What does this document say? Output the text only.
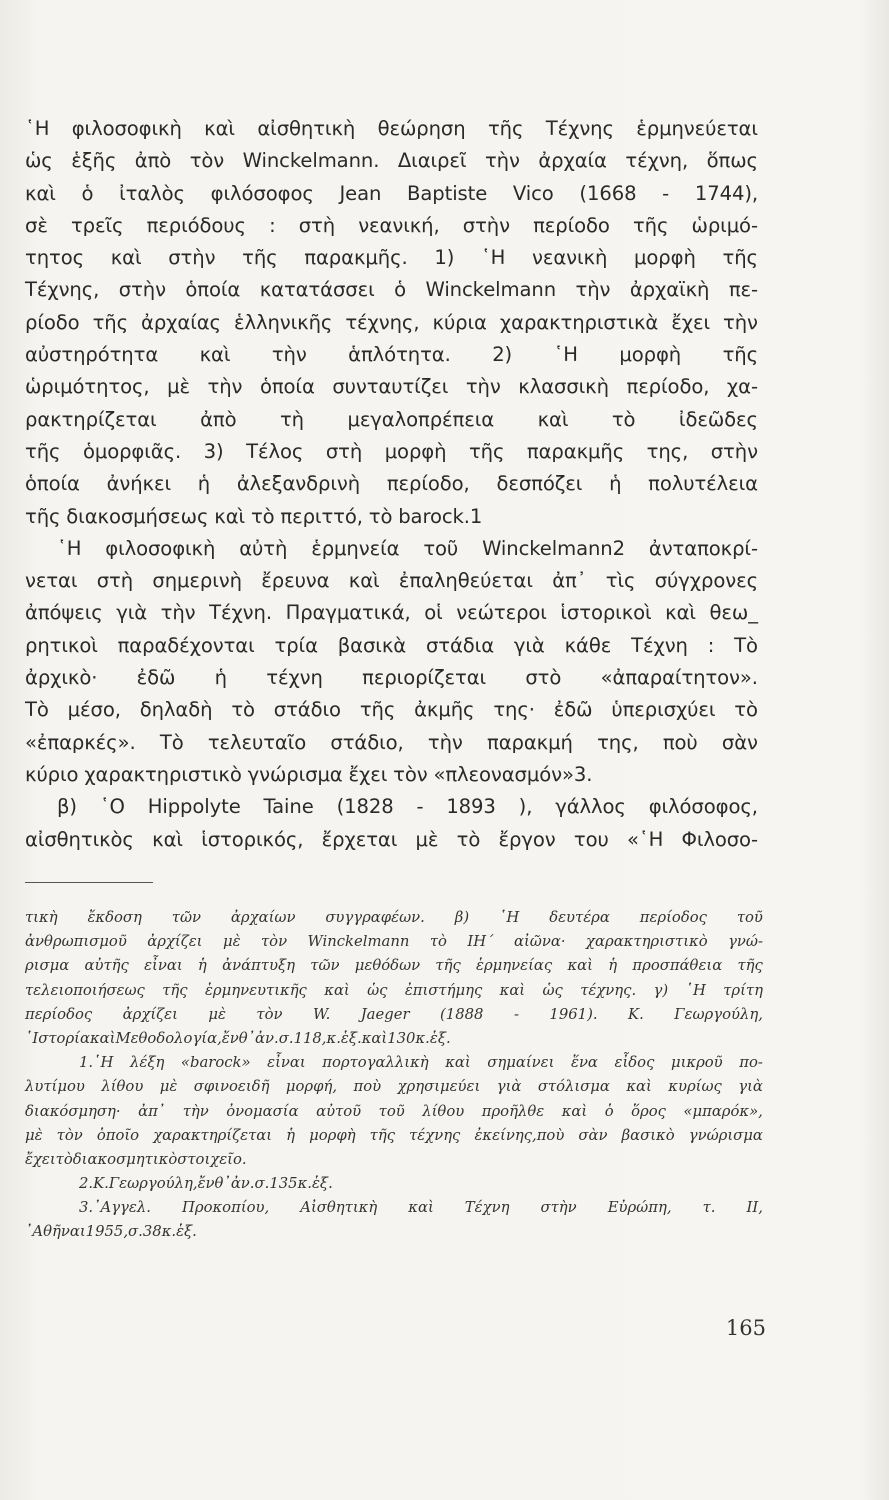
῾Η φιλοσοφικὴ καὶ αἰσθητικὴ θεώρηση τῆς Τέχνης ἑρμηνεύεται
ὡς ἑξῆς ἀπὸ τὸν Winckelmann. Διαιρεῖ τὴν ἀρχαία τέχνη, ὅπως
καὶ ὁ ἰταλὸς φιλόσοφος Jean Baptiste Vico (1668 - 1744),
σὲ τρεῖς περιόδους : στὴ νεανική, στὴν περίοδο τῆς ὡριμό-
τητος καὶ στὴν τῆς παρακμῆς. 1) ῾Η νεανικὴ μορφὴ τῆς
Τέχνης, στὴν ὁποία κατατάσσει ὁ Winckelmann τὴν ἀρχαϊκὴ πε-
ρίοδο τῆς ἀρχαίας ἑλληνικῆς τέχνης, κύρια χαρακτηριστικὰ ἔχει τὴν
αὐστηρότητα καὶ τὴν ἁπλότητα. 2) ῾Η μορφὴ τῆς
ὡριμότητος, μὲ τὴν ὁποία συνταυτίζει τὴν κλασσικὴ περίοδο, χα-
ρακτηρίζεται ἀπὸ τὴ μεγαλοπρέπεια καὶ τὸ ἰδεῶδες
τῆς ὁμορφιᾶς. 3) Τέλος στὴ μορφὴ τῆς παρακμῆς της, στὴν
ὁποία ἀνήκει ἡ ἀλεξανδρινὴ περίοδο, δεσπόζει ἡ πολυτέλεια
τῆς διακοσμήσεως καὶ τὸ περιττό, τὸ barock.1
῾Η φιλοσοφικὴ αὐτὴ ἑρμηνεία τοῦ Winckelmann2 ἀνταποκρί-
νεται στὴ σημερινὴ ἔρευνα καὶ ἐπαληθεύεται ἀπ᾿ τὶς σύγχρονες
ἀπόψεις γιὰ τὴν Τέχνη. Πραγματικά, οἱ νεώτεροι ἱστορικοὶ καὶ θεω_
ρητικοὶ παραδέχονται τρία βασικὰ στάδια γιὰ κάθε Τέχνη : Τὸ
ἀρχικὸ· ἐδῶ ἡ τέχνη περιορίζεται στὸ «ἀπαραίτητον».
Τὸ μέσο, δηλαδὴ τὸ στάδιο τῆς ἀκμῆς της· ἐδῶ ὑπερισχύει τὸ
«ἐπαρκές». Τὸ τελευταῖο στάδιο, τὴν παρακμή της, ποὺ σὰν
κύριο χαρακτηριστικὸ γνώρισμα ἔχει τὸν «πλεονασμόν»3.
β) ῾Ο Hippolyte Taine (1828 - 1893 ), γάλλος φιλόσοφος,
αἰσθητικὸς καὶ ἱστορικός, ἔρχεται μὲ τὸ ἔργον του «῾Η Φιλοσο-
τικὴ ἔκδοση τῶν ἀρχαίων συγγραφέων. β) ῾Η δευτέρα περίοδος τοῦ
ἀνθρωπισμοῦ ἀρχίζει μὲ τὸν Winckelmann τὸ ΙΗ΄ αἰῶνα· χαρακτηριστικὸ γνώ-
ρισμα αὐτῆς εἶναι ἡ ἀνάπτυξη τῶν μεθόδων τῆς ἑρμηνείας καὶ ἡ προσπάθεια τῆς
τελειοποιήσεως τῆς ἑρμηνευτικῆς καὶ ὡς ἐπιστήμης καὶ ὡς τέχνης. γ) ῾Η τρίτη
περίοδος ἀρχίζει μὲ τὸν W. Jaeger (1888 - 1961). Κ. Γεωργούλη,
῾Ιστορία καὶ Μεθοδολογία, ἔνθ᾿ ἀν. σ. 118, κ.ἑξ. καὶ 130 κ.ἑξ.
1.῾Η λέξη «barock» εἶναι πορτογαλλικὴ καὶ σημαίνει ἕνα εἶδος μικροῦ πο-
λυτίμου λίθου μὲ σφινοειδῆ μορφή, ποὺ χρησιμεύει γιὰ στόλισμα καὶ κυρίως γιὰ
διακόσμηση· ἀπ᾿ τὴν ὀνομασία αὐτοῦ τοῦ λίθου προῆλθε καὶ ὁ ὅρος «μπαρόκ»,
μὲ τὸν ὁποῖο χαρακτηρίζεται ἡ μορφὴ τῆς τέχνης ἐκείνης,ποὺ σὰν βασικὸ γνώρισμα
ἔχει τὸ διακοσμητικὸ στοιχεῖο.
2. Κ. Γεωργούλη, ἔνθ᾿ ἀν. σ. 135 κ.ἑξ.
3.᾿Αγγελ. Προκοπίου, Αἰσθητικὴ καὶ Τέχνη στὴν Εὐρώπη, τ. ΙΙ,
᾿Αθῆναι 1955, σ. 38 κ.ἑξ.
165
